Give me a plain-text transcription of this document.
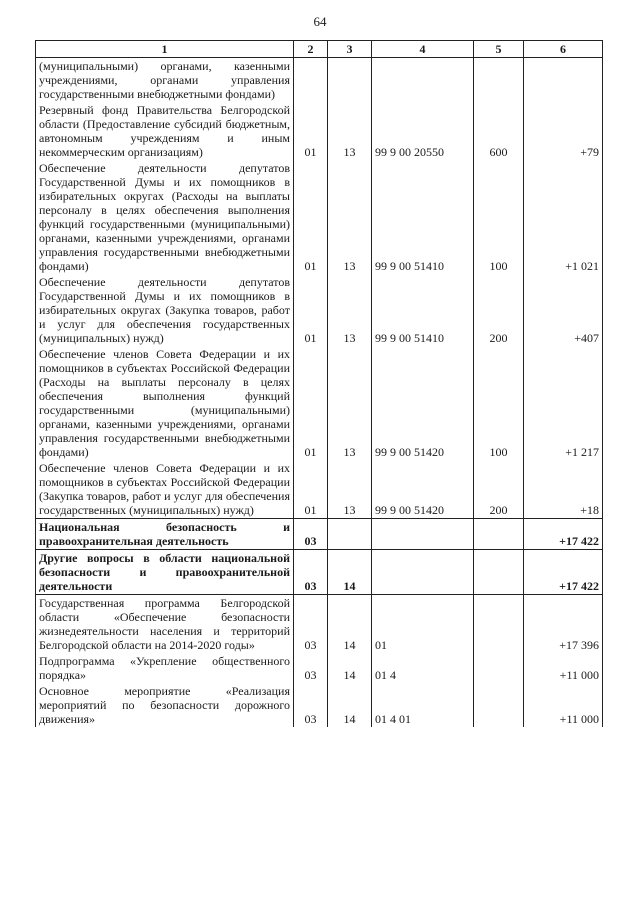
64
1	2	3	4	5	6
(муниципальными) органами, казенными учреждениями, органами управления государственными внебюджетными фондами)					
Резервный фонд Правительства Белгородской области (Предоставление субсидий бюджетным, автономным учреждениям и иным некоммерческим организациям)	01	13	99 9 00 20550	600	+79
Обеспечение деятельности депутатов Государственной Думы и их помощников в избирательных округах (Расходы на выплаты персоналу в целях обеспечения выполнения функций государственными (муниципальными) органами, казенными учреждениями, органами управления государственными внебюджетными фондами)	01	13	99 9 00 51410	100	+1 021
Обеспечение деятельности депутатов Государственной Думы и их помощников в избирательных округах (Закупка товаров, работ и услуг для обеспечения государственных (муниципальных) нужд)	01	13	99 9 00 51410	200	+407
Обеспечение членов Совета Федерации и их помощников в субъектах Российской Федерации (Расходы на выплаты персоналу в целях обеспечения выполнения функций государственными (муниципальными) органами, казенными учреждениями, органами управления государственными внебюджетными фондами)	01	13	99 9 00 51420	100	+1 217
Обеспечение членов Совета Федерации и их помощников в субъектах Российской Федерации (Закупка товаров, работ и услуг для обеспечения государственных (муниципальных) нужд)	01	13	99 9 00 51420	200	+18
Национальная безопасность и правоохранительная деятельность	03				+17 422
Другие вопросы в области национальной безопасности и правоохранительной деятельности	03	14			+17 422
Государственная программа Белгородской области «Обеспечение безопасности жизнедеятельности населения и территорий Белгородской области на 2014-2020 годы»	03	14	01		+17 396
Подпрограмма «Укрепление общественного порядка»	03	14	01 4		+11 000
Основное мероприятие «Реализация мероприятий по безопасности дорожного движения»	03	14	01 4 01		+11 000
